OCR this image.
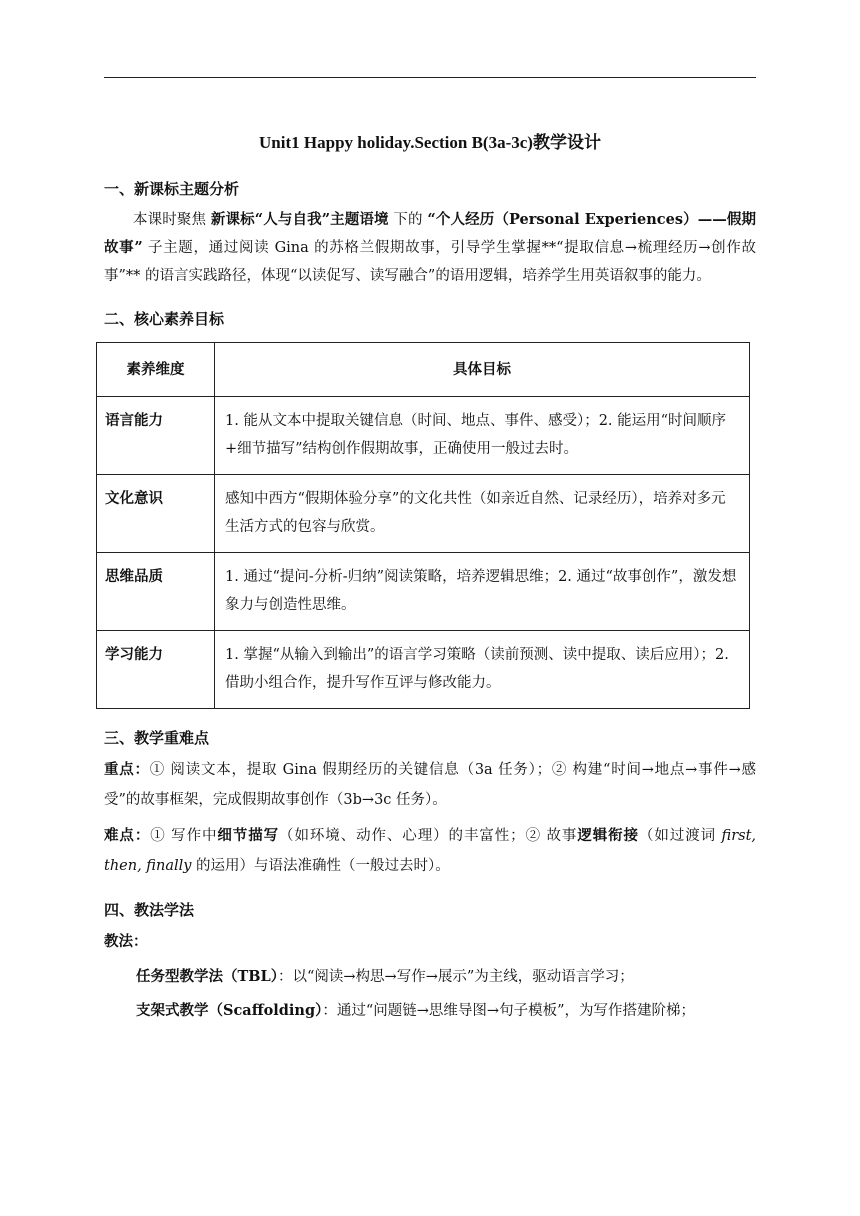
Unit1 Happy holiday.Section B(3a-3c)教学设计
一、新课标主题分析

本课时聚焦 新课标“人与自我”主题语境 下的 “个人经历（Personal Experiences）——假期故事” 子主题，通过阅读 Gina 的苏格兰假期故事，引导学生掌握**“提取信息→梳理经历→创作故事”** 的语言实践路径，体现“以读促写、读写融合”的语用逻辑，培养学生用英语叙事的能力。

二、核心素养目标
素养维度	具体目标
语言能力	1. 能从文本中提取关键信息（时间、地点、事件、感受）；2. 能运用“时间顺序+细节描写”结构创作假期故事，正确使用一般过去时。
文化意识	感知中西方“假期体验分享”的文化共性（如亲近自然、记录经历），培养对多元生活方式的包容与欣赏。
思维品质	1. 通过“提问-分析-归纳”阅读策略，培养逻辑思维；2. 通过“故事创作”，激发想象力与创造性思维。
学习能力	1. 掌握“从输入到输出”的语言学习策略（读前预测、读中提取、读后应用）；2. 借助小组合作，提升写作互评与修改能力。
三、教学重难点

重点：① 阅读文本，提取 Gina 假期经历的关键信息（3a 任务）；② 构建“时间→地点→事件→感受”的故事框架，完成假期故事创作（3b→3c 任务）。

难点：① 写作中细节描写（如环境、动作、心理）的丰富性；② 故事逻辑衔接（如过渡词 first, then, finally 的运用）与语法准确性（一般过去时）。

四、教法学法

教法：

任务型教学法（TBL）：以“阅读→构思→写作→展示”为主线，驱动语言学习；

支架式教学（Scaffolding）：通过“问题链→思维导图→句子模板”，为写作搭建阶梯；
